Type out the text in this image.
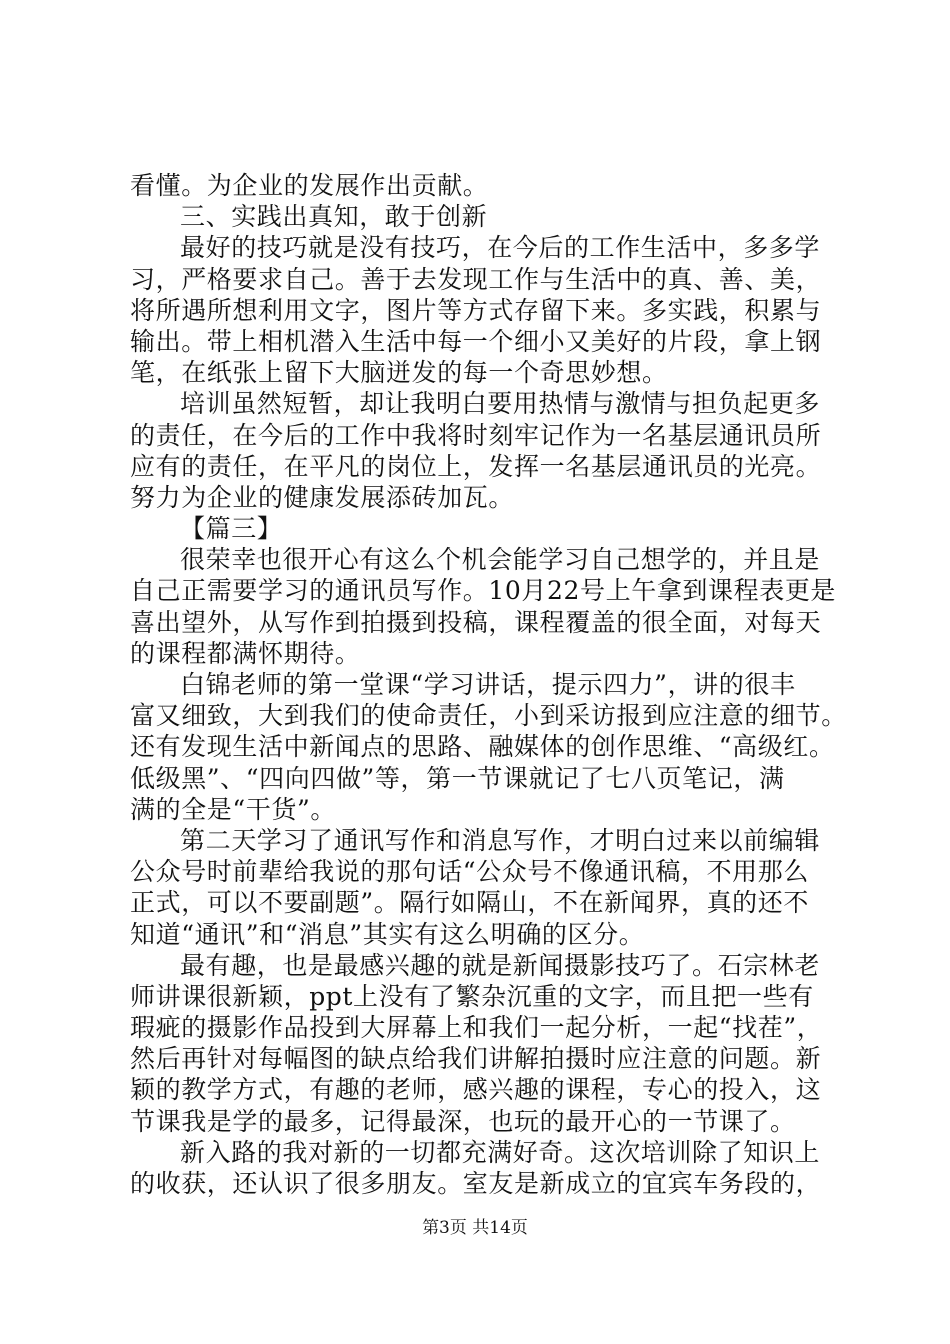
看懂。为企业的发展作出贡献。
三、实践出真知，敢于创新
最好的技巧就是没有技巧，在今后的工作生活中，多多学
习，严格要求自己。善于去发现工作与生活中的真、善、美，
将所遇所想利用文字，图片等方式存留下来。多实践，积累与
输出。带上相机潜入生活中每一个细小又美好的片段，拿上钢
笔，在纸张上留下大脑迸发的每一个奇思妙想。
培训虽然短暂，却让我明白要用热情与激情与担负起更多
的责任，在今后的工作中我将时刻牢记作为一名基层通讯员所
应有的责任，在平凡的岗位上，发挥一名基层通讯员的光亮。
努力为企业的健康发展添砖加瓦。
【篇三】
很荣幸也很开心有这么个机会能学习自己想学的，并且是
自己正需要学习的通讯员写作。10月22号上午拿到课程表更是
喜出望外，从写作到拍摄到投稿，课程覆盖的很全面，对每天
的课程都满怀期待。
白锦老师的第一堂课“学习讲话，提示四力”，讲的很丰
富又细致，大到我们的使命责任，小到采访报到应注意的细节。
还有发现生活中新闻点的思路、融媒体的创作思维、“高级红。
低级黑”、“四向四做”等，第一节课就记了七八页笔记，满
满的全是“干货”。
第二天学习了通讯写作和消息写作，才明白过来以前编辑
公众号时前辈给我说的那句话“公众号不像通讯稿，不用那么
正式，可以不要副题”。隔行如隔山，不在新闻界，真的还不
知道“通讯”和“消息”其实有这么明确的区分。
最有趣，也是最感兴趣的就是新闻摄影技巧了。石宗林老
师讲课很新颖，ppt上没有了繁杂沉重的文字，而且把一些有
瑕疵的摄影作品投到大屏幕上和我们一起分析，一起“找茬”，
然后再针对每幅图的缺点给我们讲解拍摄时应注意的问题。新
颖的教学方式，有趣的老师，感兴趣的课程，专心的投入，这
节课我是学的最多，记得最深，也玩的最开心的一节课了。
新入路的我对新的一切都充满好奇。这次培训除了知识上
的收获，还认识了很多朋友。室友是新成立的宜宾车务段的，
第3页 共14页
